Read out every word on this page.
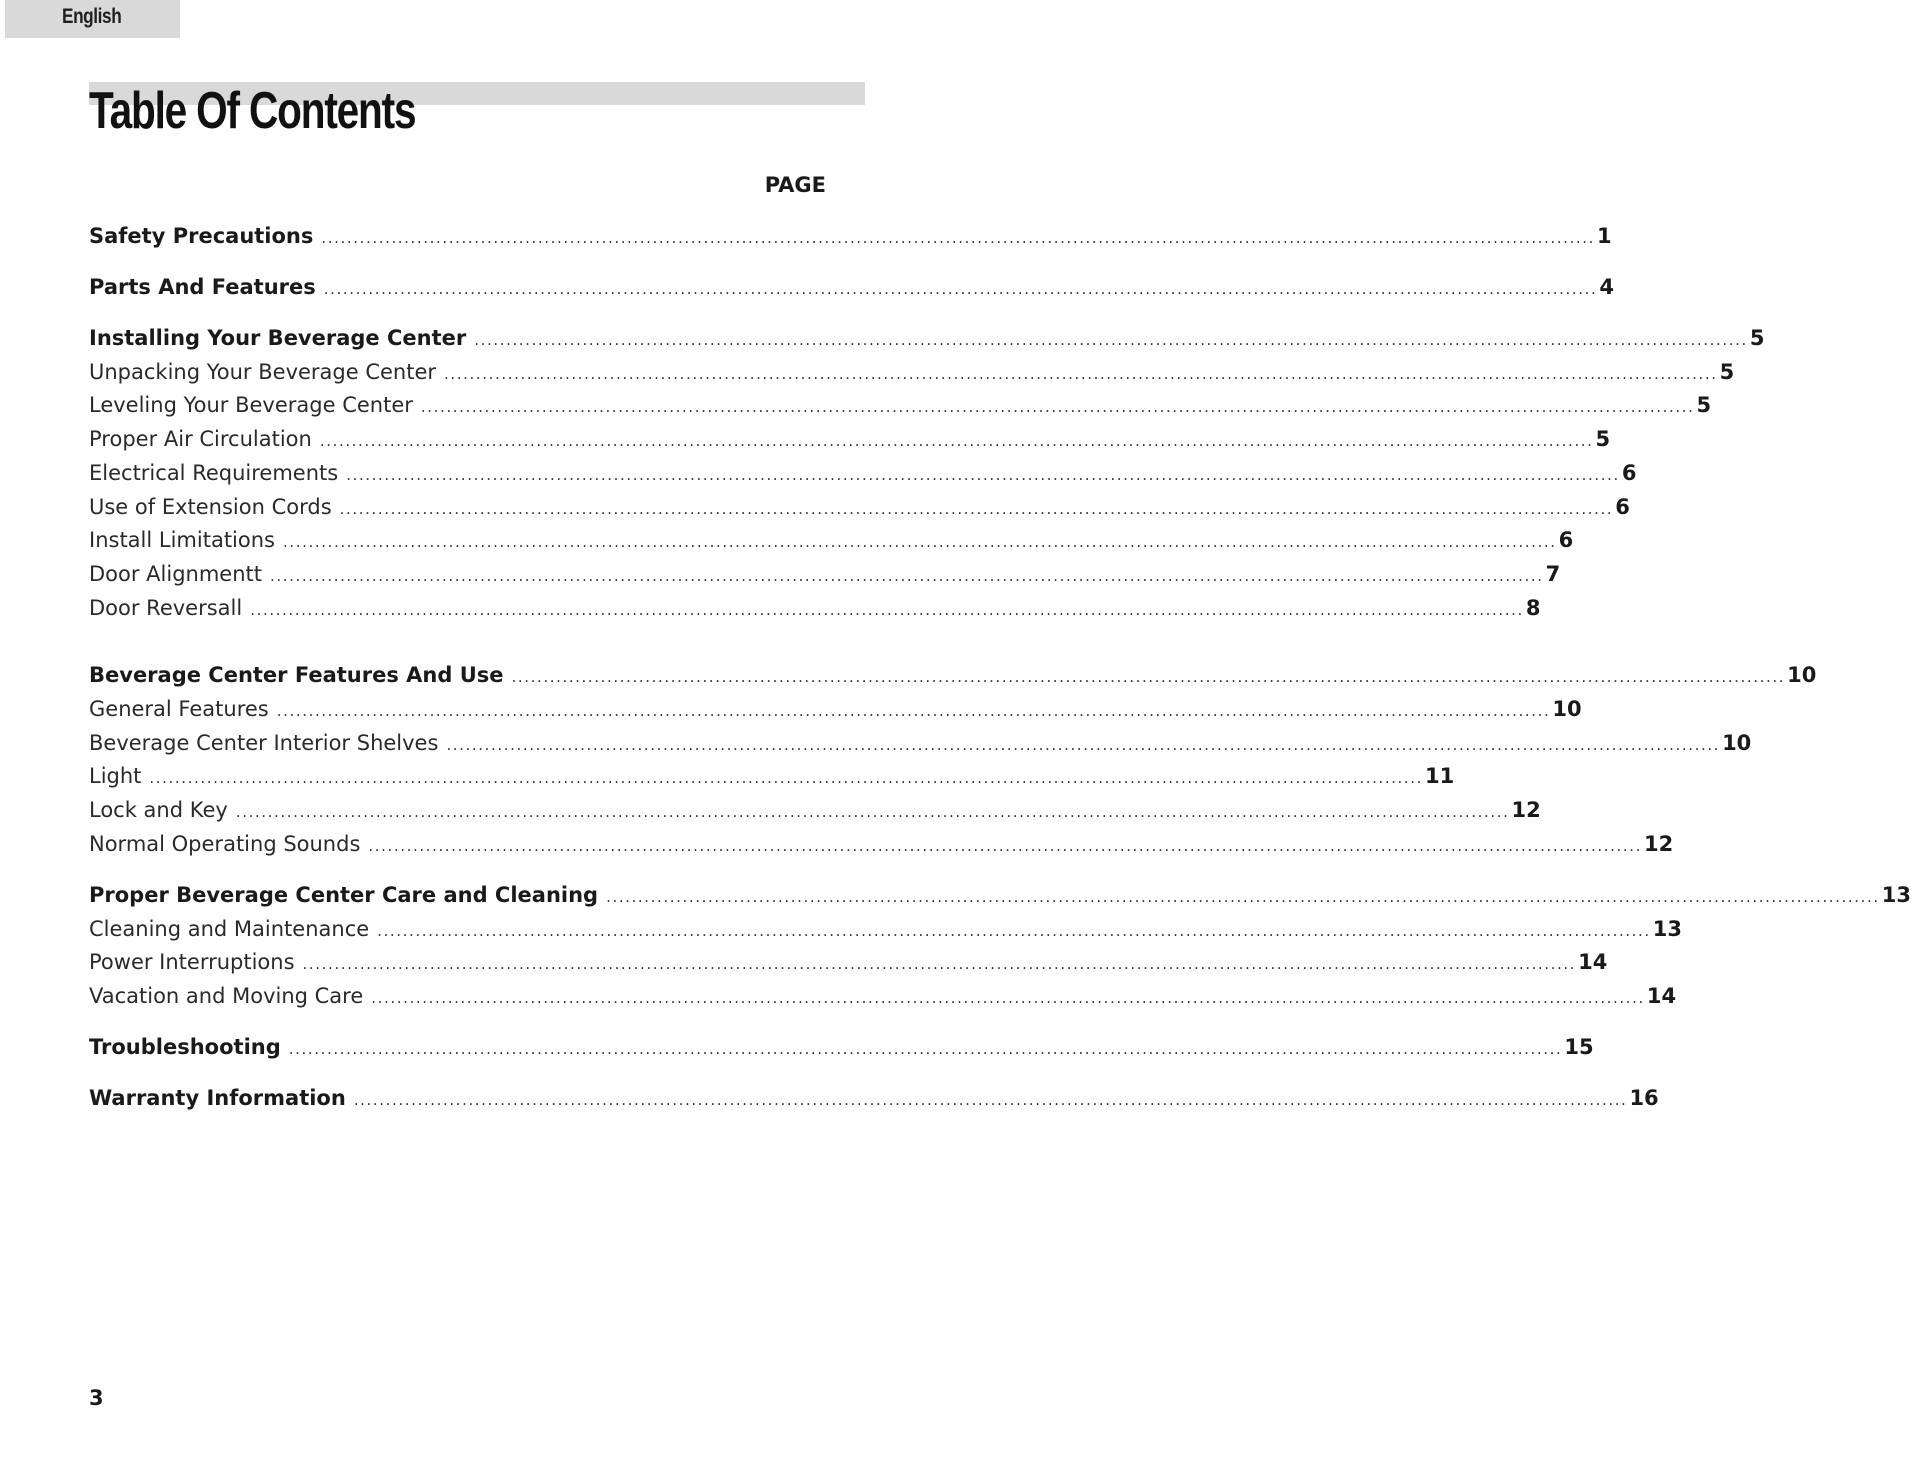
English
Table Of Contents
PAGE
Safety Precautions ........................................................................................................................................................................................................ 1
Parts And Features ........................................................................................................................................................................................................ 4
Installing Your Beverage Center ........................................................................................................................................................................................................ 5
Unpacking Your Beverage Center ........................................................................................................................................................................................................ 5
Leveling Your Beverage Center ........................................................................................................................................................................................................ 5
Proper Air Circulation ........................................................................................................................................................................................................ 5
Electrical Requirements ........................................................................................................................................................................................................ 6
Use of Extension Cords ........................................................................................................................................................................................................ 6
Install Limitations ........................................................................................................................................................................................................ 6
Door Alignmentt ........................................................................................................................................................................................................ 7
Door Reversall ........................................................................................................................................................................................................ 8
Beverage Center Features And Use ........................................................................................................................................................................................................ 10
General Features ........................................................................................................................................................................................................ 10
Beverage Center Interior Shelves ........................................................................................................................................................................................................ 10
Light ........................................................................................................................................................................................................ 11
Lock and Key ........................................................................................................................................................................................................ 12
Normal Operating Sounds ........................................................................................................................................................................................................ 12
Proper Beverage Center Care and Cleaning ........................................................................................................................................................................................................ 13
Cleaning and Maintenance ........................................................................................................................................................................................................ 13
Power Interruptions ........................................................................................................................................................................................................ 14
Vacation and Moving Care ........................................................................................................................................................................................................ 14
Troubleshooting ........................................................................................................................................................................................................ 15
Warranty Information ........................................................................................................................................................................................................ 16
3
